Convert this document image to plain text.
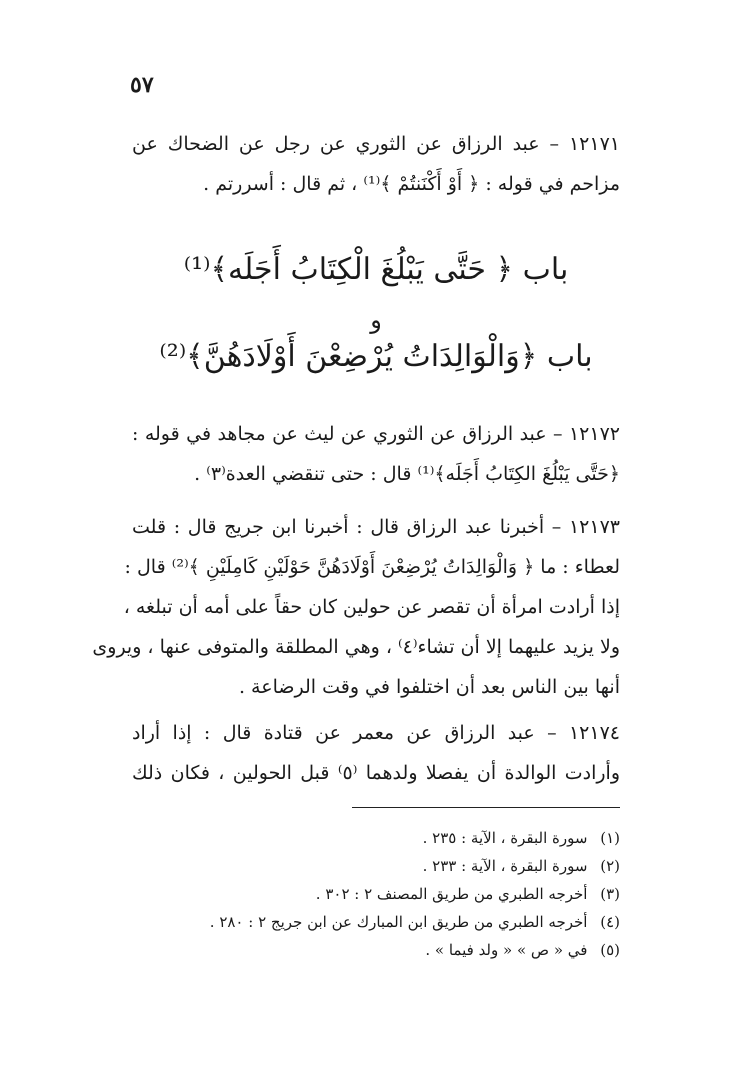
٥٧
١٢١٧١ – عبد الرزاق عن الثوري عن رجل عن الضحاك عن
مزاحم في قوله : ﴿ أَوْ أَكْنَنتُمْ ﴾⁽¹⁾ ، ثم قال : أسررتم .
باب ﴿ حَتَّى يَبْلُغَ الْكِتَابُ أَجَلَه﴾⁽¹⁾
و
باب ﴿وَالْوَالِدَاتُ يُرْضِعْنَ أَوْلَادَهُنَّ﴾⁽²⁾
١٢١٧٢ – عبد الرزاق عن الثوري عن ليث عن مجاهد في قوله :
﴿حَتَّى يَبْلُغَ الكِتَابُ أَجَلَه﴾⁽¹⁾ قال : حتى تنقضي العدة⁽٣⁾ .
١٢١٧٣ – أخبرنا عبد الرزاق قال : أخبرنا ابن جريج قال : قلت
لعطاء : ما ﴿ وَالْوَالِدَاتُ يُرْضِعْنَ أَوْلَادَهُنَّ حَوْلَيْنِ كَامِلَيْنِ ﴾⁽²⁾ قال :
إذا أرادت امرأة أن تقصر عن حولين كان حقاً على أمه أن تبلغه ،
ولا يزيد عليهما إلا أن تشاء⁽٤⁾ ، وهي المطلقة والمتوفى عنها ، ويروى
أنها بين الناس بعد أن اختلفوا في وقت الرضاعة .
١٢١٧٤ – عبد الرزاق عن معمر عن قتادة قال : إذا أراد
وأرادت الوالدة أن يفصلا ولدهما ⁽٥⁾ قبل الحولين ، فكان ذلك
(١) سورة البقرة ، الآية : ٢٣٥ .
(٢) سورة البقرة ، الآية : ٢٣٣ .
(٣) أخرجه الطبري من طريق المصنف ٢ : ٣٠٢ .
(٤) أخرجه الطبري من طريق ابن المبارك عن ابن جريج ٢ : ٢٨٠ .
(٥) في « ص » « ولد فيما » .
